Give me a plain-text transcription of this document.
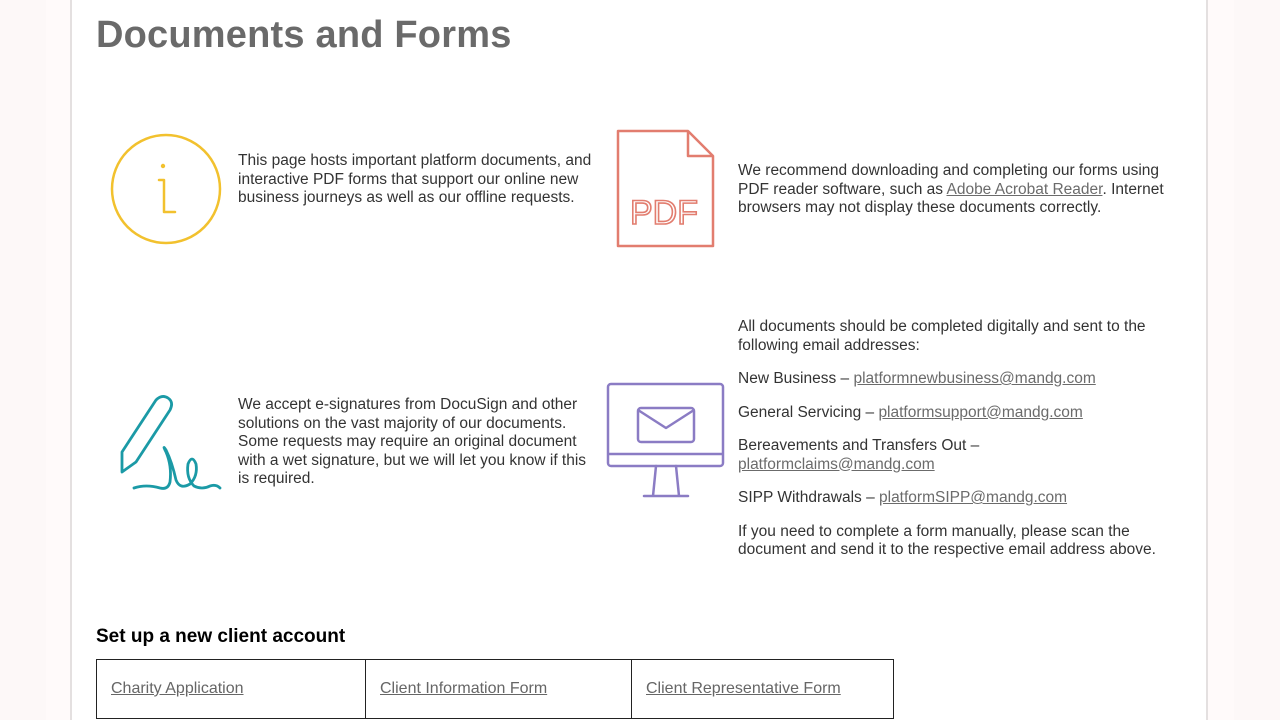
Documents and Forms

This page hosts important platform documents, and interactive PDF forms that support our online new business journeys as well as our offline requests.	PDF

We recommend downloading and completing our forms using PDF reader software, such as Adobe Acrobat Reader. Internet browsers may not display these documents correctly.

We accept e-signatures from DocuSign and other solutions on the vast majority of our documents. Some requests may require an original document with a wet signature, but we will let you know if this is required.

All documents should be completed digitally and sent to the following email addresses:

New Business – platformnewbusiness@mandg.com

General Servicing – platformsupport@mandg.com

Bereavements and Transfers Out –
platformclaims@mandg.com

SIPP Withdrawals – platformSIPP@mandg.com

If you need to complete a form manually, please scan the document and send it to the respective email address above.

Set up a new client account
Charity Application	Client Information Form	Client Representative Form
